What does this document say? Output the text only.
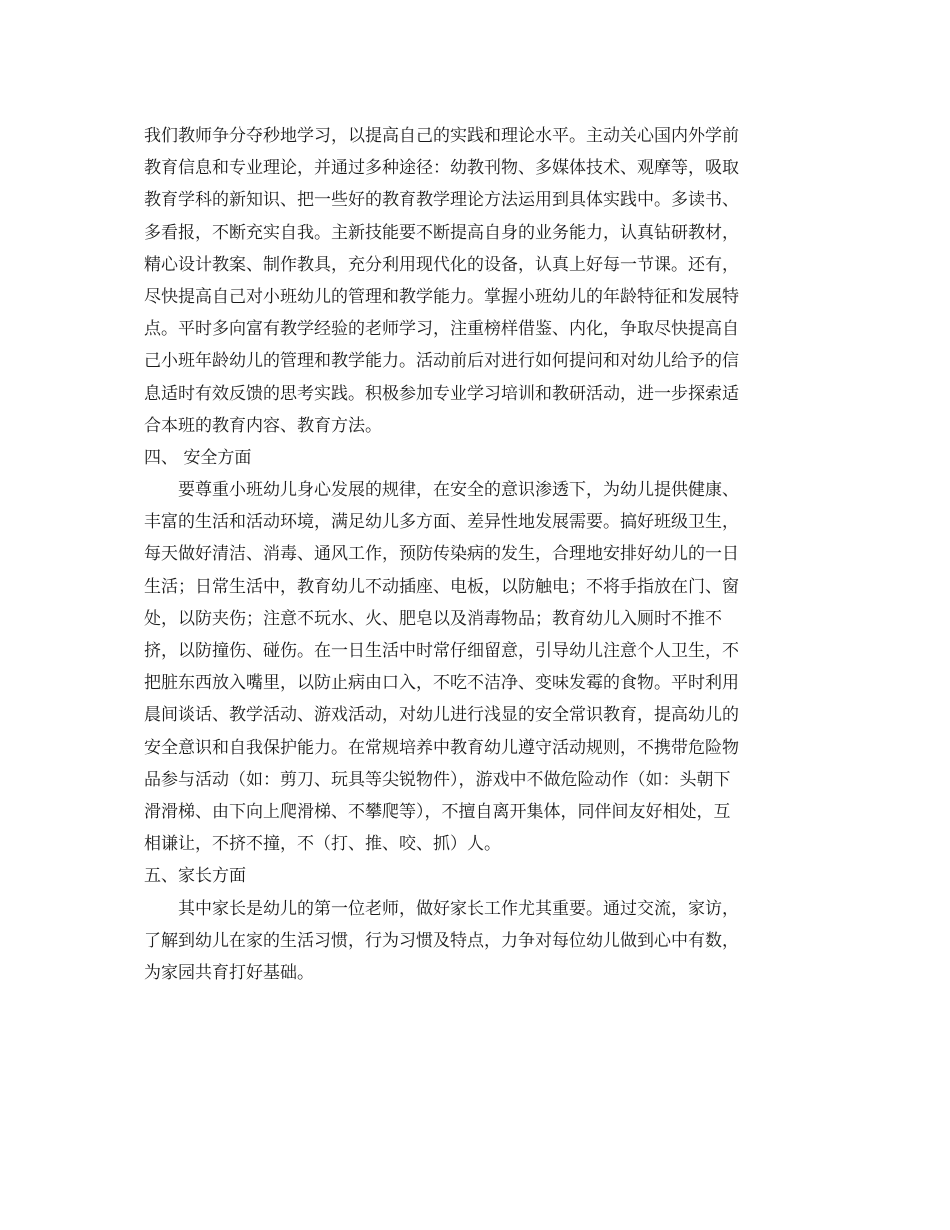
我们教师争分夺秒地学习，以提高自己的实践和理论水平。主动关心国内外学前
教育信息和专业理论，并通过多种途径：幼教刊物、多媒体技术、观摩等，吸取
教育学科的新知识、把一些好的教育教学理论方法运用到具体实践中。多读书、
多看报，不断充实自我。主新技能要不断提高自身的业务能力，认真钻研教材，
精心设计教案、制作教具，充分利用现代化的设备，认真上好每一节课。还有，
尽快提高自己对小班幼儿的管理和教学能力。掌握小班幼儿的年龄特征和发展特
点。平时多向富有教学经验的老师学习，注重榜样借鉴、内化，争取尽快提高自
己小班年龄幼儿的管理和教学能力。活动前后对进行如何提问和对幼儿给予的信
息适时有效反馈的思考实践。积极参加专业学习培训和教研活动，进一步探索适
合本班的教育内容、教育方法。

四、 安全方面

要尊重小班幼儿身心发展的规律，在安全的意识渗透下，为幼儿提供健康、
丰富的生活和活动环境，满足幼儿多方面、差异性地发展需要。搞好班级卫生，
每天做好清洁、消毒、通风工作，预防传染病的发生，合理地安排好幼儿的一日
生活；日常生活中，教育幼儿不动插座、电板，以防触电；不将手指放在门、窗
处，以防夹伤；注意不玩水、火、肥皂以及消毒物品；教育幼儿入厕时不推不
挤，以防撞伤、碰伤。在一日生活中时常仔细留意，引导幼儿注意个人卫生，不
把脏东西放入嘴里，以防止病由口入，不吃不洁净、变味发霉的食物。平时利用
晨间谈话、教学活动、游戏活动，对幼儿进行浅显的安全常识教育，提高幼儿的
安全意识和自我保护能力。在常规培养中教育幼儿遵守活动规则，不携带危险物
品参与活动（如：剪刀、玩具等尖锐物件），游戏中不做危险动作（如：头朝下
滑滑梯、由下向上爬滑梯、不攀爬等），不擅自离开集体，同伴间友好相处，互
相谦让，不挤不撞，不（打、推、咬、抓）人。

五、家长方面

其中家长是幼儿的第一位老师，做好家长工作尤其重要。通过交流，家访，
了解到幼儿在家的生活习惯，行为习惯及特点，力争对每位幼儿做到心中有数，
为家园共育打好基础。
